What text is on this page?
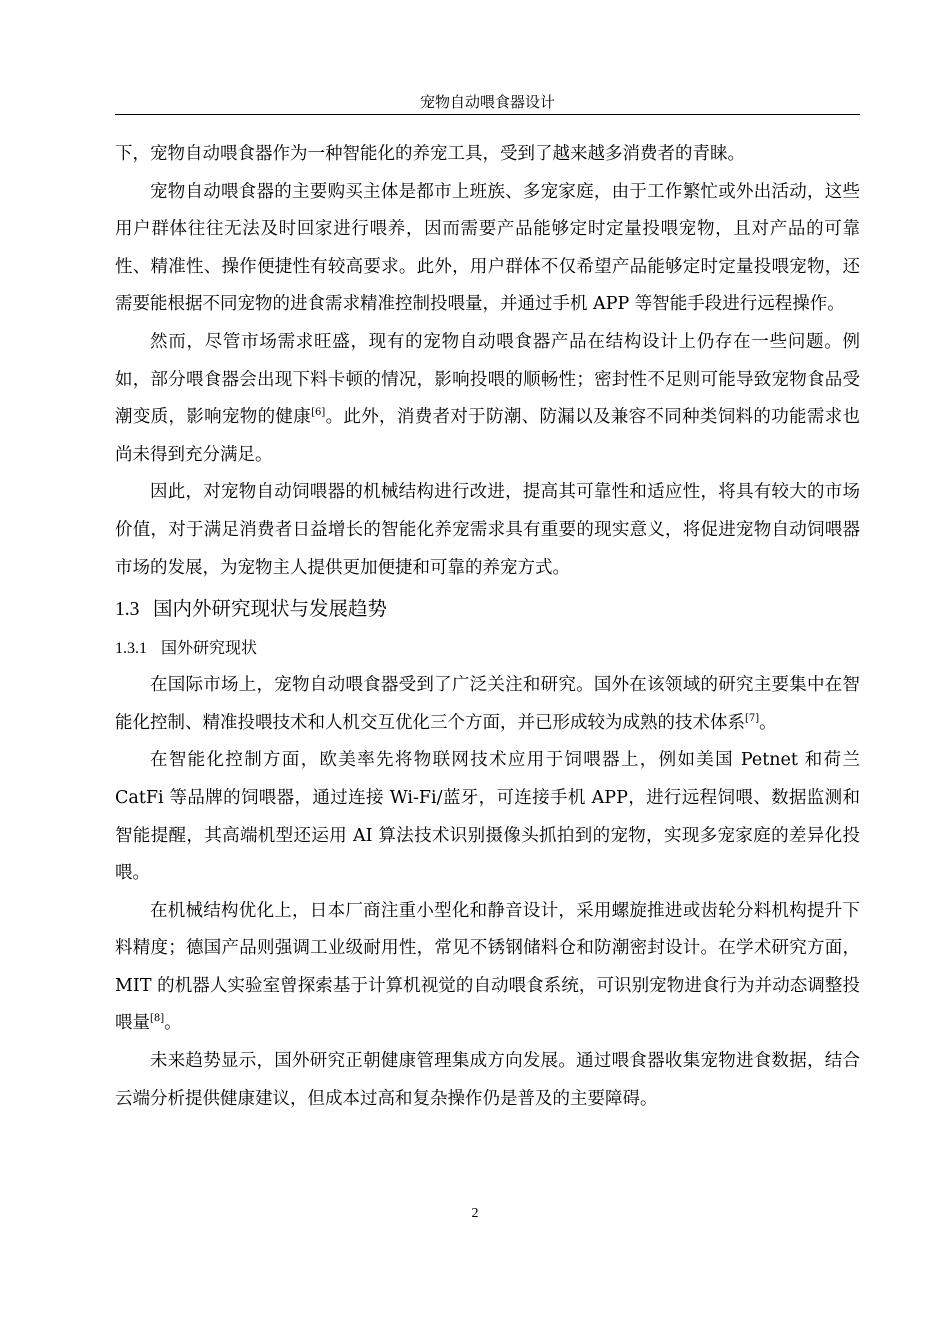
宠物自动喂食器设计

下，宠物自动喂食器作为一种智能化的养宠工具，受到了越来越多消费者的青睐。

宠物自动喂食器的主要购买主体是都市上班族、多宠家庭，由于工作繁忙或外出活动，这些用户群体往往无法及时回家进行喂养，因而需要产品能够定时定量投喂宠物，且对产品的可靠性、精准性、操作便捷性有较高要求。此外，用户群体不仅希望产品能够定时定量投喂宠物，还需要能根据不同宠物的进食需求精准控制投喂量，并通过手机 APP 等智能手段进行远程操作。

然而，尽管市场需求旺盛，现有的宠物自动喂食器产品在结构设计上仍存在一些问题。例如，部分喂食器会出现下料卡顿的情况，影响投喂的顺畅性；密封性不足则可能导致宠物食品受潮变质，影响宠物的健康[6]。此外，消费者对于防潮、防漏以及兼容不同种类饲料的功能需求也尚未得到充分满足。

因此，对宠物自动饲喂器的机械结构进行改进，提高其可靠性和适应性，将具有较大的市场价值，对于满足消费者日益增长的智能化养宠需求具有重要的现实意义，将促进宠物自动饲喂器市场的发展，为宠物主人提供更加便捷和可靠的养宠方式。

1.3 国内外研究现状与发展趋势
1.3.1 国外研究现状

在国际市场上，宠物自动喂食器受到了广泛关注和研究。国外在该领域的研究主要集中在智能化控制、精准投喂技术和人机交互优化三个方面，并已形成较为成熟的技术体系[7]。

在智能化控制方面，欧美率先将物联网技术应用于饲喂器上，例如美国 Petnet 和荷兰 CatFi 等品牌的饲喂器，通过连接 Wi-Fi/蓝牙，可连接手机 APP，进行远程饲喂、数据监测和智能提醒，其高端机型还运用 AI 算法技术识别摄像头抓拍到的宠物，实现多宠家庭的差异化投喂。

在机械结构优化上，日本厂商注重小型化和静音设计，采用螺旋推进或齿轮分料机构提升下料精度；德国产品则强调工业级耐用性，常见不锈钢储料仓和防潮密封设计。在学术研究方面，MIT 的机器人实验室曾探索基于计算机视觉的自动喂食系统，可识别宠物进食行为并动态调整投喂量[8]。

未来趋势显示，国外研究正朝健康管理集成方向发展。通过喂食器收集宠物进食数据，结合云端分析提供健康建议，但成本过高和复杂操作仍是普及的主要障碍。

2
